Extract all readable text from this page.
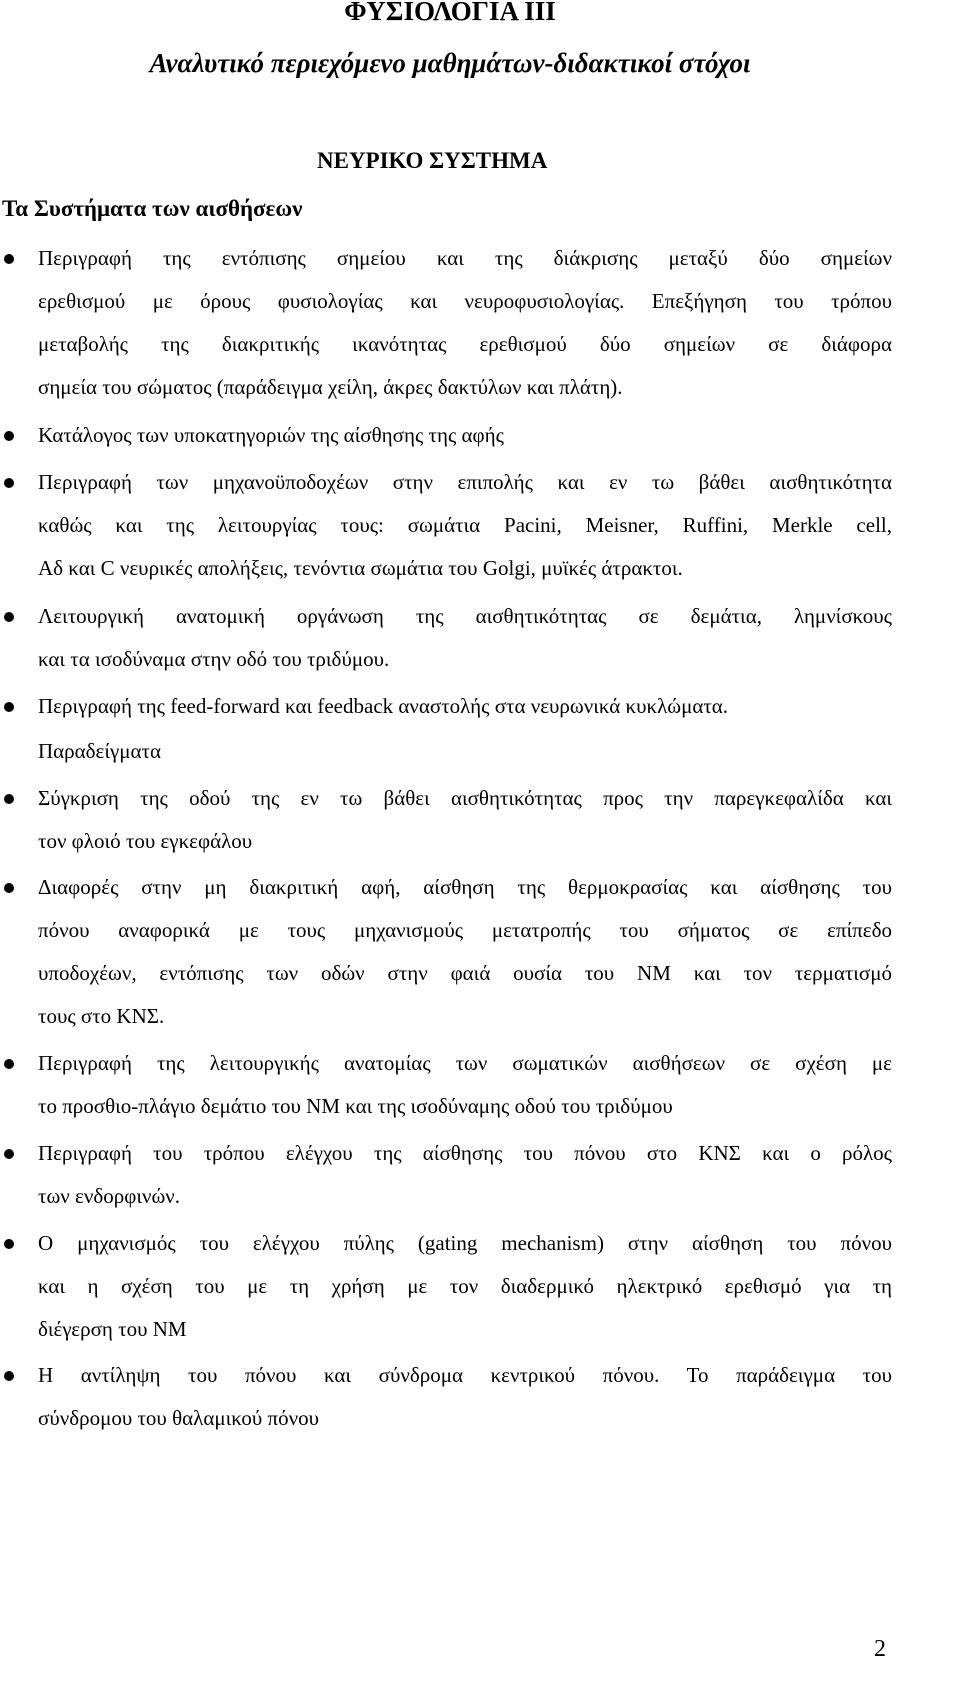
ΦΥΣΙΟΛΟΓΙΑ ΙΙΙ
Αναλυτικό περιεχόμενο μαθημάτων-διδακτικοί στόχοι
ΝΕΥΡΙΚΟ ΣΥΣΤΗΜΑ
Τα Συστήματα των αισθήσεων
Περιγραφή της εντόπισης σημείου και της διάκρισης μεταξύ δύο σημείων
ερεθισμού με όρους φυσιολογίας και νευροφυσιολογίας. Επεξήγηση του τρόπου
μεταβολής της διακριτικής ικανότητας ερεθισμού δύο σημείων σε διάφορα
σημεία του σώματος (παράδειγμα χείλη, άκρες δακτύλων και πλάτη).
Κατάλογος των υποκατηγοριών της αίσθησης της αφής
Περιγραφή των μηχανοϋποδοχέων στην επιπολής και εν τω βάθει αισθητικότητα
καθώς και της λειτουργίας τους: σωμάτια Pacini, Meisner, Ruffini, Merkle cell,
Αδ και C νευρικές απολήξεις, τενόντια σωμάτια του Golgi, μυϊκές άτρακτοι.
Λειτουργική ανατομική οργάνωση της αισθητικότητας σε δεμάτια, λημνίσκους
και τα ισοδύναμα στην οδό του τριδύμου.
Περιγραφή της feed-forward και feedback αναστολής στα νευρωνικά κυκλώματα.
Παραδείγματα
Σύγκριση της οδού της εν τω βάθει αισθητικότητας προς την παρεγκεφαλίδα και
τον φλοιό του εγκεφάλου
Διαφορές στην μη διακριτική αφή, αίσθηση της θερμοκρασίας και αίσθησης του
πόνου αναφορικά με τους μηχανισμούς μετατροπής του σήματος σε επίπεδο
υποδοχέων, εντόπισης των οδών στην φαιά ουσία του ΝΜ και τον τερματισμό
τους στο ΚΝΣ.
Περιγραφή της λειτουργικής ανατομίας των σωματικών αισθήσεων σε σχέση με
το προσθιο-πλάγιο δεμάτιο του ΝΜ και της ισοδύναμης οδού του τριδύμου
Περιγραφή του τρόπου ελέγχου της αίσθησης του πόνου στο ΚΝΣ και ο ρόλος
των ενδορφινών.
Ο μηχανισμός του ελέγχου πύλης (gating mechanism) στην αίσθηση του πόνου
και η σχέση του με τη χρήση με τον διαδερμικό ηλεκτρικό ερεθισμό για τη
διέγερση του ΝΜ
Η αντίληψη του πόνου και σύνδρομα κεντρικού πόνου. Το παράδειγμα του
σύνδρομου του θαλαμικού πόνου
2
